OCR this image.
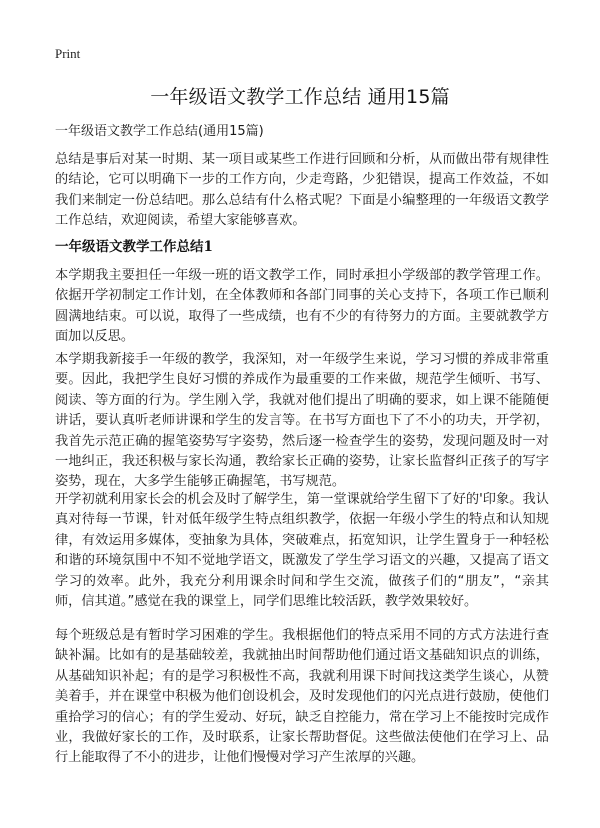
Print
一年级语文教学工作总结 通用15篇

一年级语文教学工作总结(通用15篇)

总结是事后对某一时期、某一项目或某些工作进行回顾和分析，从而做出带有规律性的结论，它可以明确下一步的工作方向，少走弯路，少犯错误，提高工作效益，不如我们来制定一份总结吧。那么总结有什么格式呢？下面是小编整理的一年级语文教学工作总结，欢迎阅读，希望大家能够喜欢。

一年级语文教学工作总结1

本学期我主要担任一年级一班的语文教学工作，同时承担小学级部的教学管理工作。依据开学初制定工作计划，在全体教师和各部门同事的关心支持下，各项工作已顺利圆满地结束。可以说，取得了一些成绩，也有不少的有待努力的方面。主要就教学方面加以反思。

本学期我新接手一年级的教学，我深知，对一年级学生来说，学习习惯的养成非常重要。因此，我把学生良好习惯的养成作为最重要的工作来做，规范学生倾听、书写、阅读、等方面的行为。学生刚入学，我就对他们提出了明确的要求，如上课不能随便讲话，要认真听老师讲课和学生的发言等。在书写方面也下了不小的功夫，开学初，我首先示范正确的握笔姿势写字姿势，然后逐一检查学生的姿势，发现问题及时一对一地纠正，我还积极与家长沟通，教给家长正确的姿势，让家长监督纠正孩子的写字姿势，现在，大多学生能够正确握笔，书写规范。

开学初就利用家长会的机会及时了解学生，第一堂课就给学生留下了好的'印象。我认真对待每一节课，针对低年级学生特点组织教学，依据一年级小学生的特点和认知规律，有效运用多媒体，变抽象为具体，突破难点，拓宽知识，让学生置身于一种轻松和谐的环境氛围中不知不觉地学语文，既激发了学生学习语文的兴趣，又提高了语文学习的效率。此外，我充分利用课余时间和学生交流，做孩子们的“朋友”，“亲其师，信其道。”感觉在我的课堂上，同学们思维比较活跃，教学效果较好。

每个班级总是有暂时学习困难的学生。我根据他们的特点采用不同的方式方法进行查缺补漏。比如有的是基础较差，我就抽出时间帮助他们通过语文基础知识点的训练，从基础知识补起；有的是学习积极性不高，我就利用课下时间找这类学生谈心，从赞美着手，并在课堂中积极为他们创设机会，及时发现他们的闪光点进行鼓励，使他们重拾学习的信心；有的学生爱动、好玩，缺乏自控能力，常在学习上不能按时完成作业，我做好家长的工作，及时联系，让家长帮助督促。这些做法使他们在学习上、品行上能取得了不小的进步，让他们慢慢对学习产生浓厚的兴趣。
